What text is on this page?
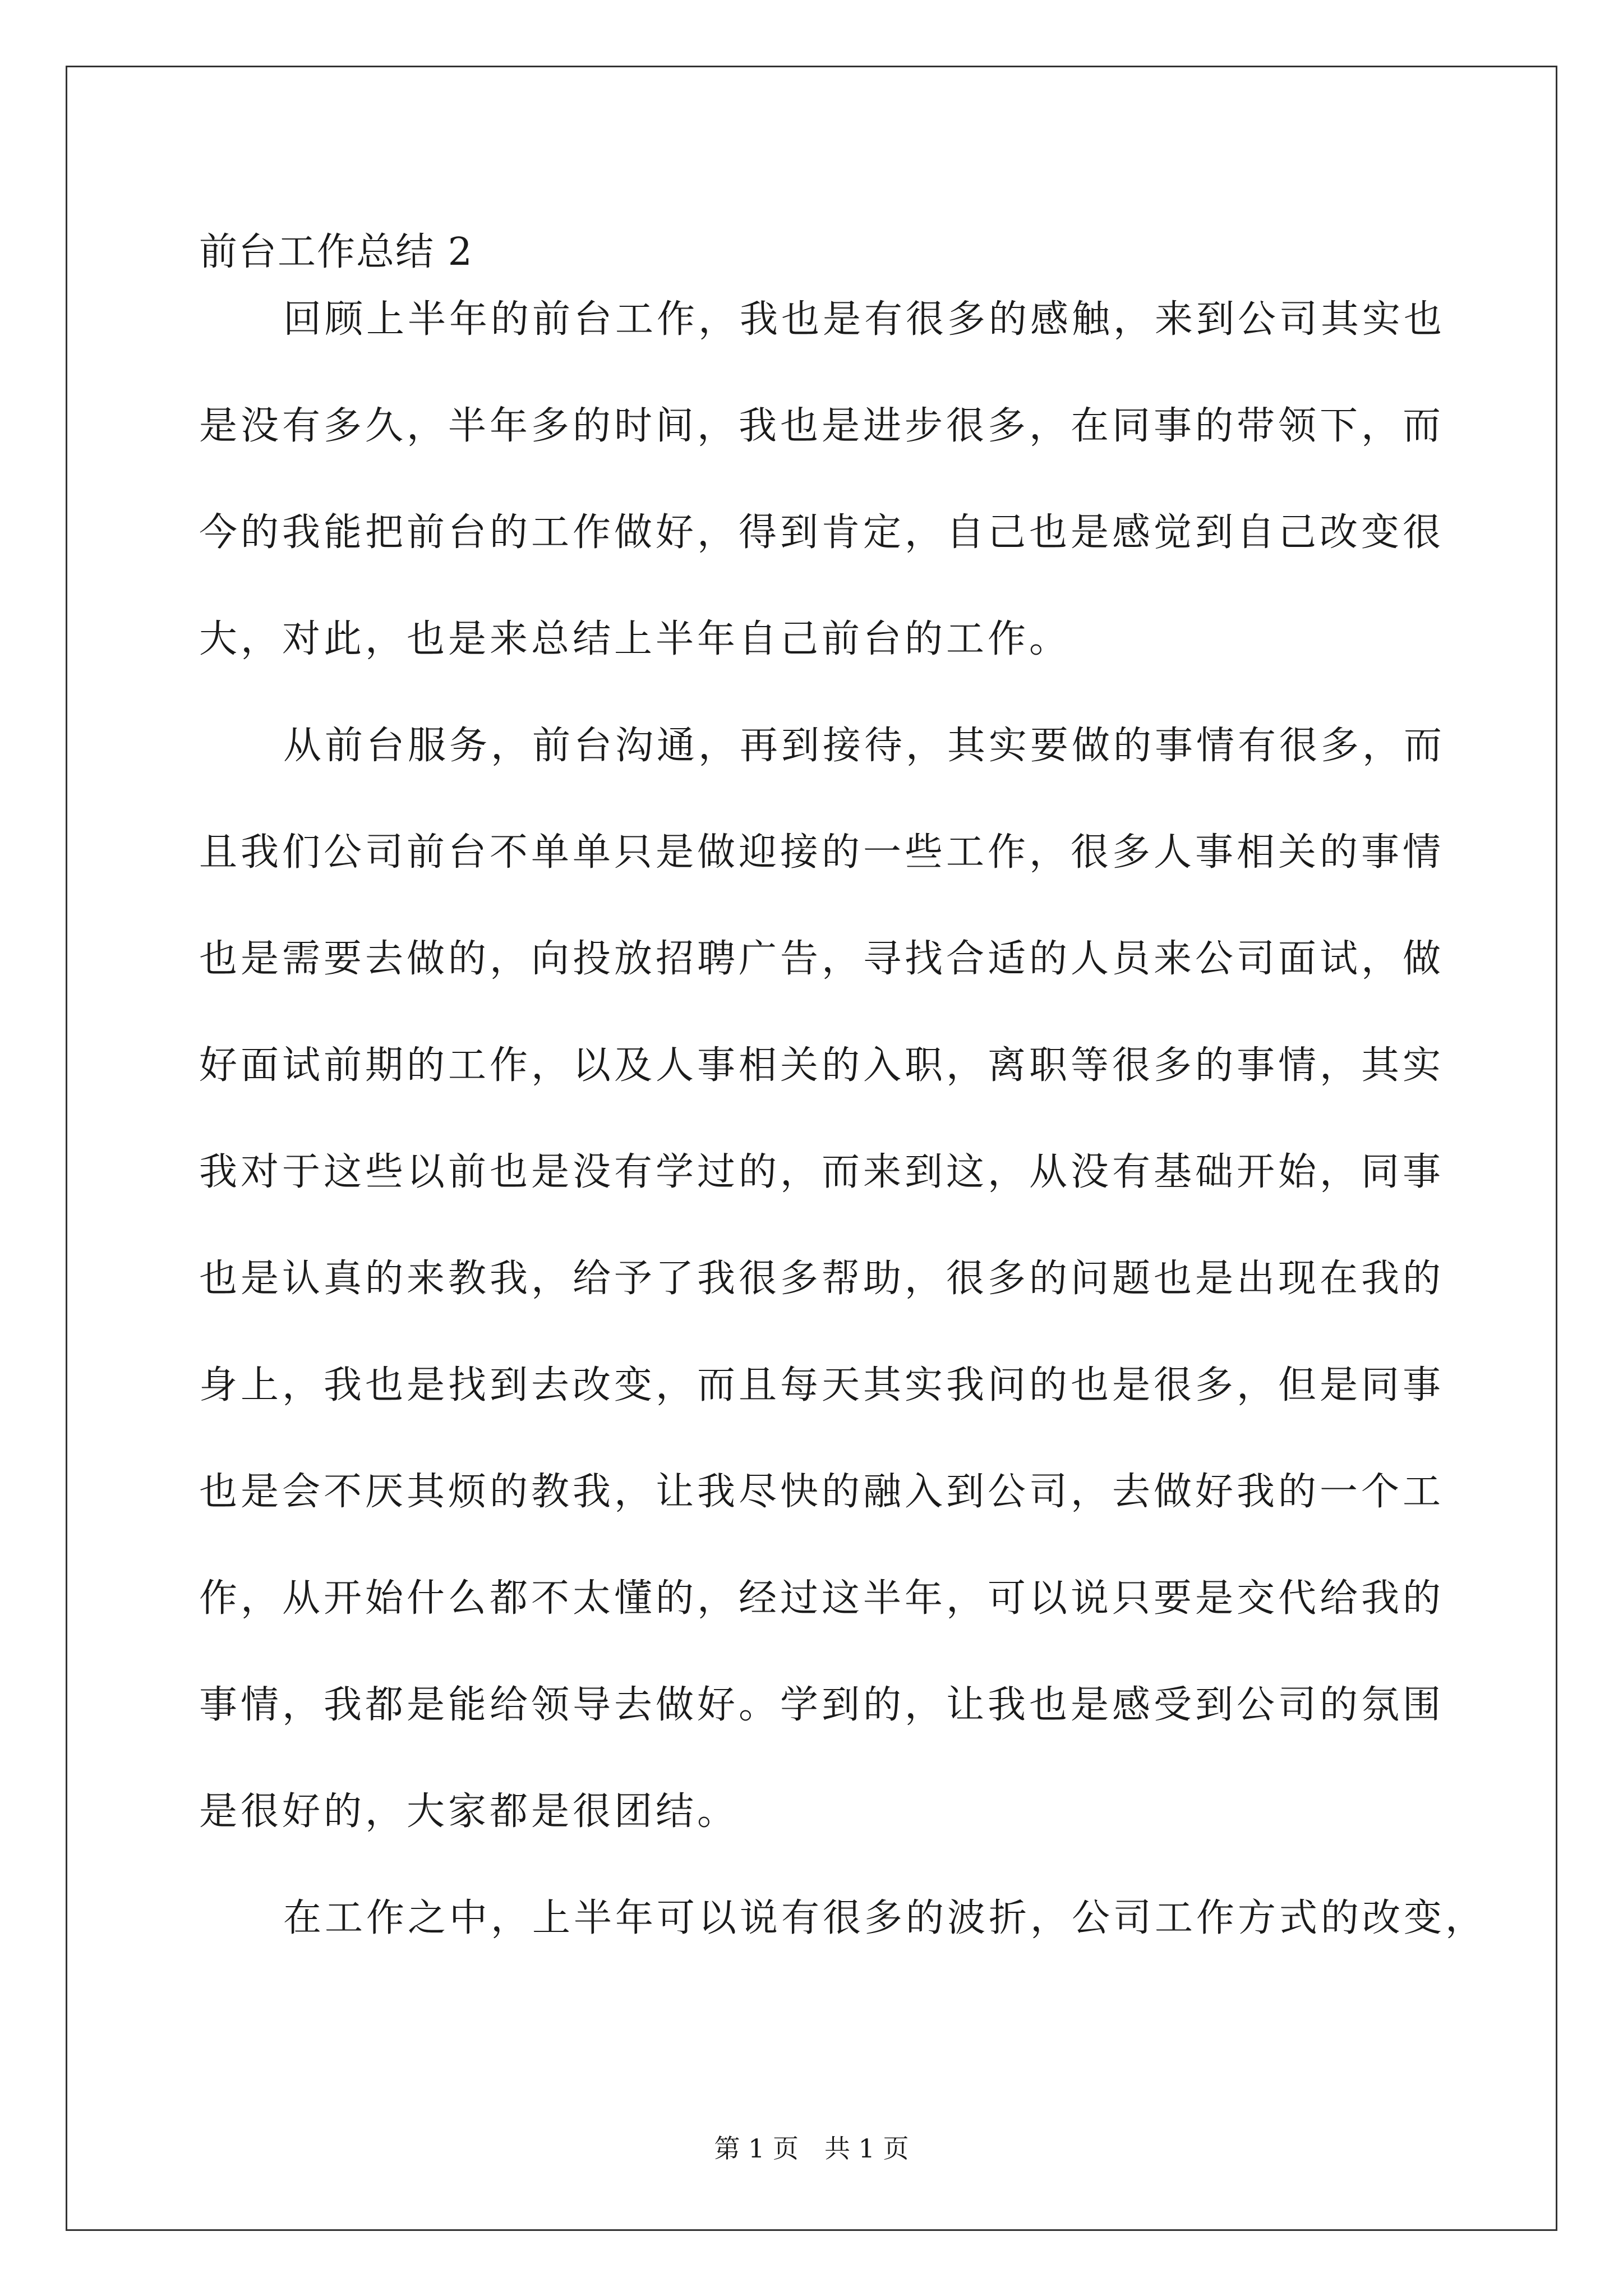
前台工作总结 2
回顾上半年的前台工作，我也是有很多的感触，来到公司其实也
是没有多久，半年多的时间，我也是进步很多，在同事的带领下，而
今的我能把前台的工作做好，得到肯定，自己也是感觉到自己改变很
大，对此，也是来总结上半年自己前台的工作。
从前台服务，前台沟通，再到接待，其实要做的事情有很多，而
且我们公司前台不单单只是做迎接的一些工作，很多人事相关的事情
也是需要去做的，向投放招聘广告，寻找合适的人员来公司面试，做
好面试前期的工作，以及人事相关的入职，离职等很多的事情，其实
我对于这些以前也是没有学过的，而来到这，从没有基础开始，同事
也是认真的来教我，给予了我很多帮助，很多的问题也是出现在我的
身上，我也是找到去改变，而且每天其实我问的也是很多，但是同事
也是会不厌其烦的教我，让我尽快的融入到公司，去做好我的一个工
作，从开始什么都不太懂的，经过这半年，可以说只要是交代给我的
事情，我都是能给领导去做好。学到的，让我也是感受到公司的氛围
是很好的，大家都是很团结。
在工作之中，上半年可以说有很多的波折，公司工作方式的改变，
第 1 页 共 1 页
